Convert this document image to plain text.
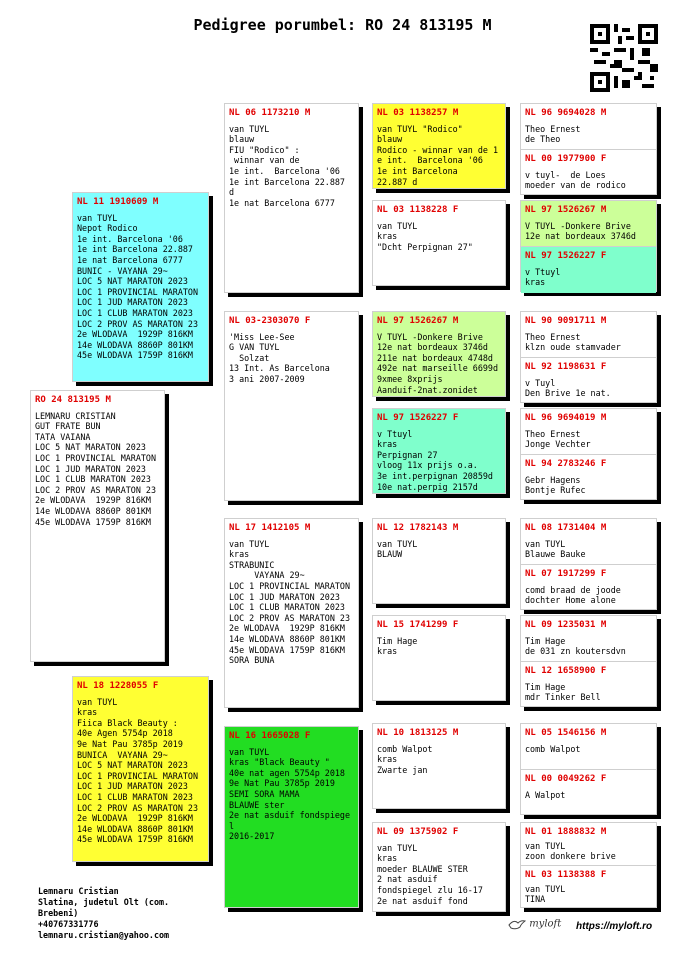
Pedigree porumbel: RO 24 813195 M
RO 24 813195 M
LEMNARU CRISTIAN
GUT FRATE BUN
TATA VAIANA
LOC 5 NAT MARATON 2023
LOC 1 PROVINCIAL MARATON
LOC 1 JUD MARATON 2023
LOC 1 CLUB MARATON 2023
LOC 2 PROV AS MARATON 23
2e WLODAVA  1929P 816KM
14e WLODAVA 8860P 801KM
45e WLODAVA 1759P 816KM
NL 11 1910609 M
van TUYL
Nepot Rodico
1e int. Barcelona '06
1e int Barcelona 22.887
1e nat Barcelona 6777
BUNIC - VAYANA 29~
LOC 5 NAT MARATON 2023
LOC 1 PROVINCIAL MARATON
LOC 1 JUD MARATON 2023
LOC 1 CLUB MARATON 2023
LOC 2 PROV AS MARATON 23
2e WLODAVA  1929P 816KM
14e WLODAVA 8860P 801KM
45e WLODAVA 1759P 816KM
NL 18 1228055 F
van TUYL
kras
Fiica Black Beauty :
40e Agen 5754p 2018
9e Nat Pau 3785p 2019
BUNICA  VAYANA 29~
LOC 5 NAT MARATON 2023
LOC 1 PROVINCIAL MARATON
LOC 1 JUD MARATON 2023
LOC 1 CLUB MARATON 2023
LOC 2 PROV AS MARATON 23
2e WLODAVA  1929P 816KM
14e WLODAVA 8860P 801KM
45e WLODAVA 1759P 816KM
NL 06 1173210 M
van TUYL
blauw
FIU "Rodico" :
winnar van de
1e int.  Barcelona '06
1e int Barcelona 22.887
d
1e nat Barcelona 6777
NL 03-2303070 F
'Miss Lee-See
G VAN TUYL
Solzat
13 Int. As Barcelona
3 ani 2007-2009
NL 17 1412105 M
van TUYL
kras
STRABUNIC
VAYANA 29~
LOC 1 PROVINCIAL MARATON
LOC 1 JUD MARATON 2023
LOC 1 CLUB MARATON 2023
LOC 2 PROV AS MARATON 23
2e WLODAVA  1929P 816KM
14e WLODAVA 8860P 801KM
45e WLODAVA 1759P 816KM
SORA BUNA
NL 16 1665028 F
van TUYL
kras "Black Beauty "
40e nat agen 5754p 2018
9e Nat Pau 3785p 2019
SEMI SORA MAMA
BLAUWE ster
2e nat asduif fondspiege
l
2016-2017
NL 03 1138257 M
van TUYL "Rodico"
blauw
Rodico - winnar van de 1
e int.  Barcelona '06
1e int Barcelona
22.887 d
NL 03 1138228 F
van TUYL
kras
"Dcht Perpignan 27"
NL 97 1526267 M
V TUYL -Donkere Brive
12e nat bordeaux 3746d
211e nat bordeaux 4748d
492e nat marseille 6699d
9xmee 8xprijs
Aanduif-2nat.zonidet
NL 97 1526227 F
v Ttuyl
kras
Perpignan 27
vloog 11x prijs o.a.
3e int.perpignan 20859d
10e nat.perpig 2157d
NL 12 1782143 M
van TUYL
BLAUW
NL 15 1741299 F
Tim Hage
kras
NL 10 1813125 M
comb Walpot
kras
Zwarte jan
NL 09 1375902 F
van TUYL
kras
moeder BLAUWE STER
2 nat asduif
fondspiegel zlu 16-17
2e nat asduif fond
NL 96 9694028 M
Theo Ernest
de Theo
NL 00 1977900 F
v tuyl-  de Loes
moeder van de rodico
NL 97 1526267 M
V TUYL -Donkere Brive
12e nat bordeaux 3746d
NL 97 1526227 F
v Ttuyl
kras
NL 90 9091711 M
Theo Ernest
klzn oude stamvader
NL 92 1198631 F
v Tuyl
Den Brive 1e nat.
NL 96 9694019 M
Theo Ernest
Jonge Vechter
NL 94 2783246 F
Gebr Hagens
Bontje Rufec
NL 08 1731404 M
van TUYL
Blauwe Bauke
NL 07 1917299 F
comd braad de joode
dochter Home alone
NL 09 1235031 M
Tim Hage
de 031 zn koutersdvn
NL 12 1658900 F
Tim Hage
mdr Tinker Bell
NL 05 1546156 M
comb Walpot
NL 00 0049262 F
A Walpot
NL 01 1888832 M
van TUYL
zoon donkere brive
NL 03 1138388 F
van TUYL
TINA
Lemnaru Cristian
Slatina, judetul Olt (com.
Brebeni)
+40767331776
lemnaru.cristian@yahoo.com
myloft https://myloft.ro
